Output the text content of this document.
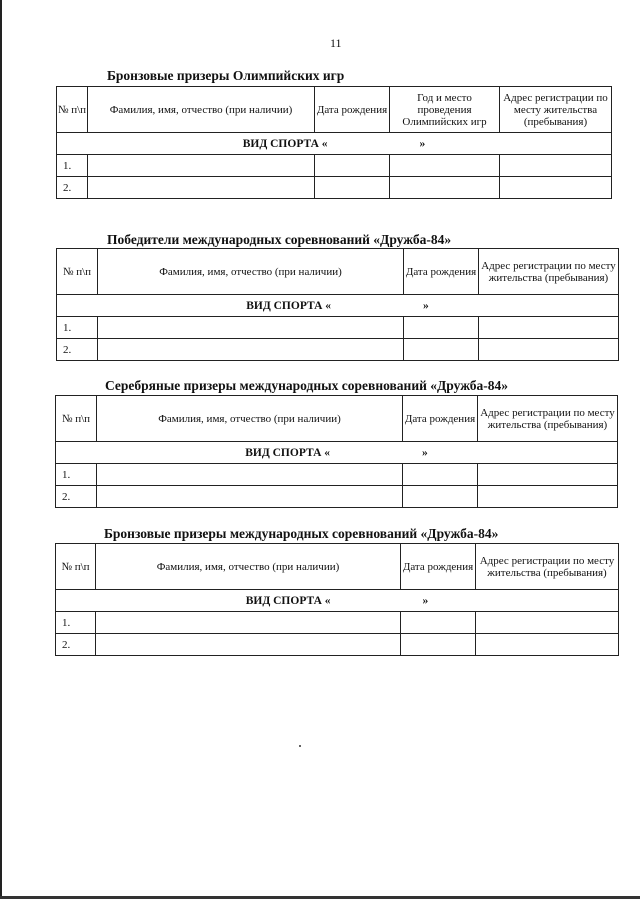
11
Бронзовые призеры Олимпийских игр
№ п\п	Фамилия, имя, отчество (при наличии)	Дата рождения	Год и место проведения Олимпийских игр	Адрес регистрации по месту жительства (пребывания)
ВИД СПОРТА « »				
1.				
2.				
Победители международных соревнований «Дружба-84»
№ п\п	Фамилия, имя, отчество (при наличии)	Дата рождения	Адрес регистрации по месту жительства (пребывания)
ВИД СПОРТА « »			
1.			
2.			
Серебряные призеры международных соревнований «Дружба-84»
№ п\п	Фамилия, имя, отчество (при наличии)	Дата рождения	Адрес регистрации по месту жительства (пребывания)
ВИД СПОРТА « »			
1.			
2.			
Бронзовые призеры международных соревнований «Дружба-84»
№ п\п	Фамилия, имя, отчество (при наличии)	Дата рождения	Адрес регистрации по месту жительства (пребывания)
ВИД СПОРТА « »			
1.			
2.			
